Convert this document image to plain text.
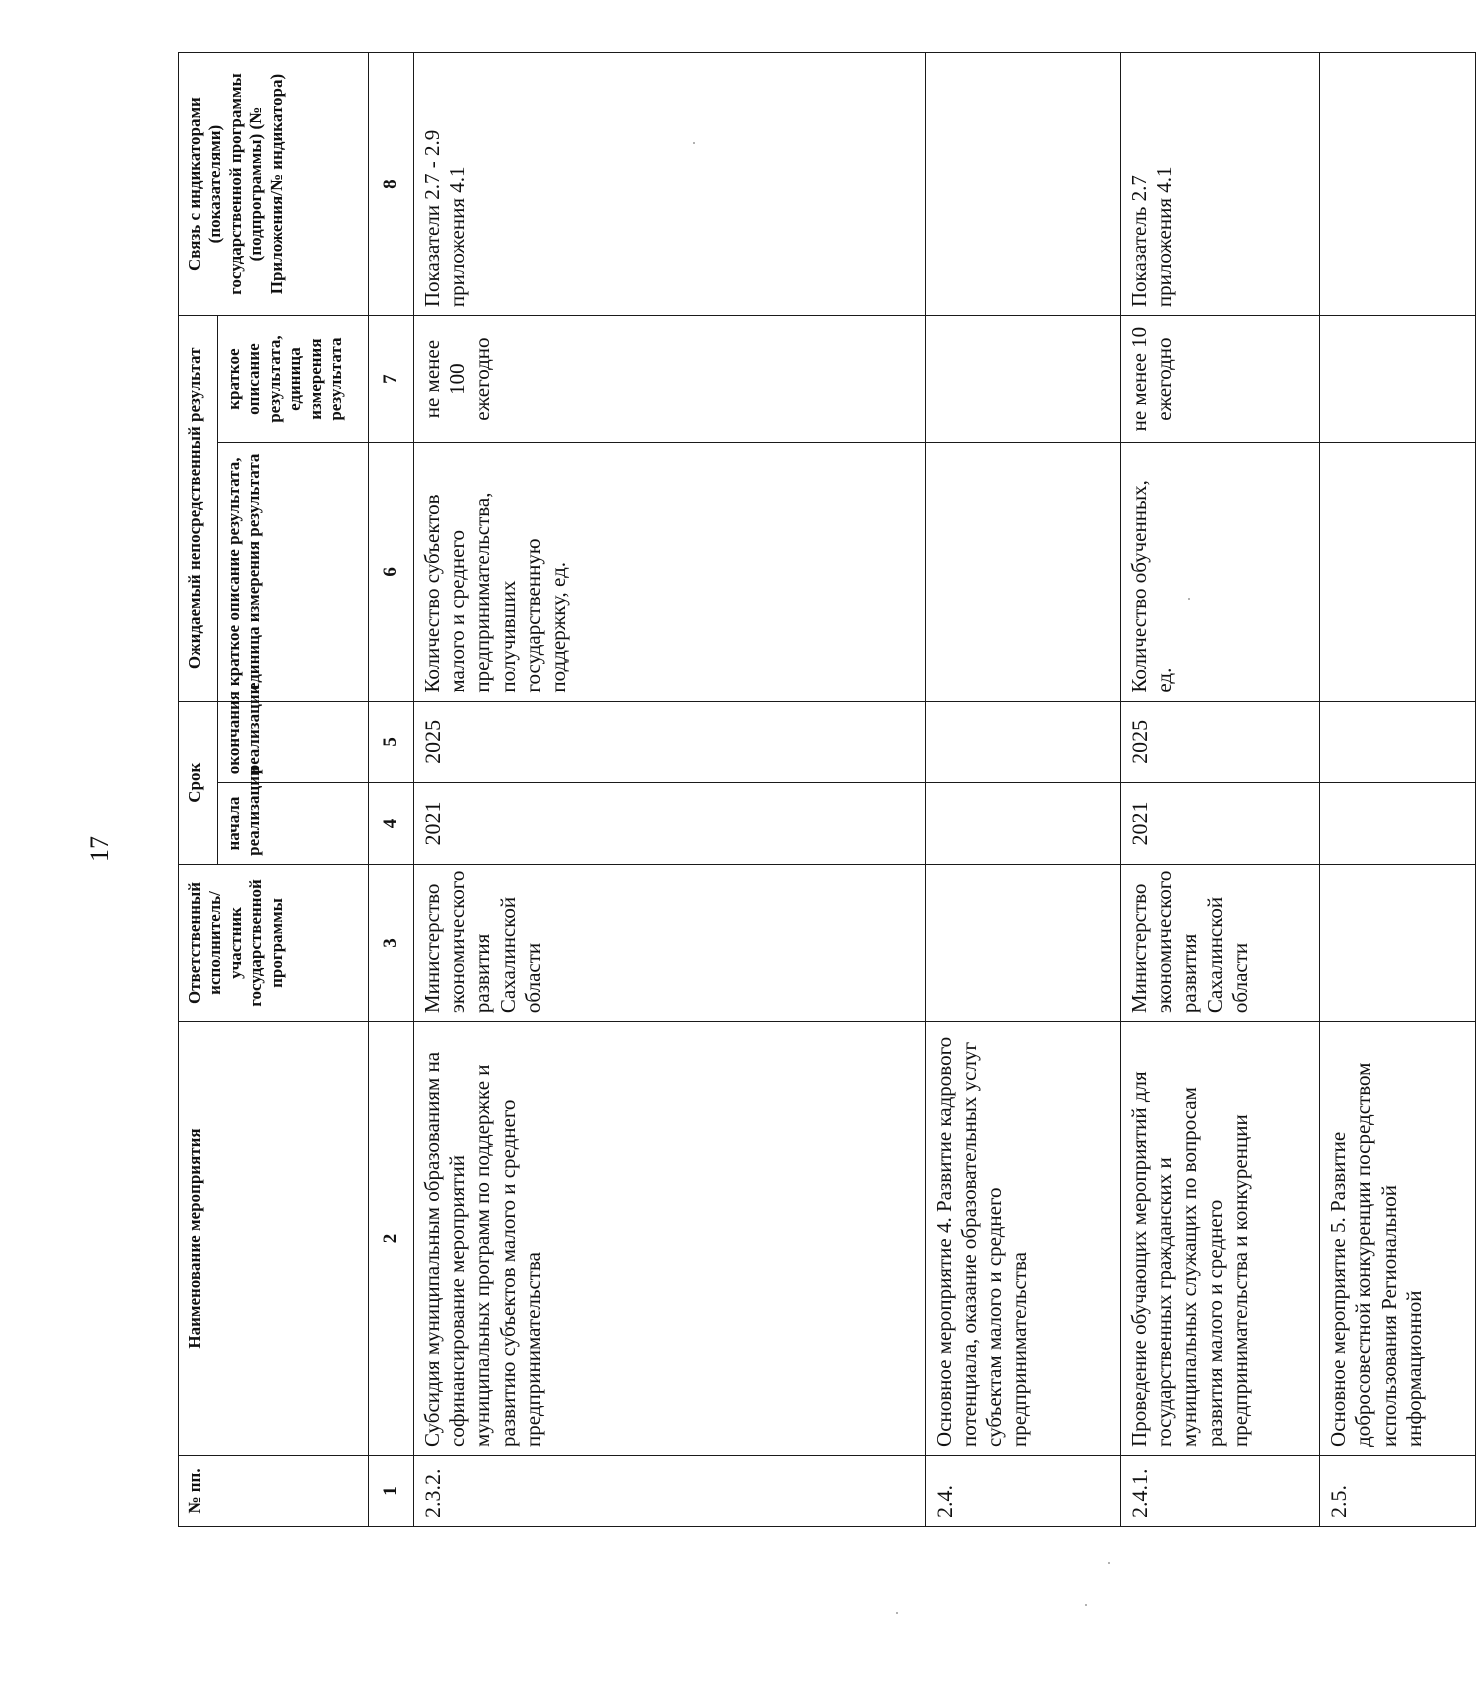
17
№ пп.	Наименование мероприятия	Ответственный исполнитель/участник государственной программы	Срок		Ожидаемый непосредственный результат		Связь с индикаторами (показателями) государственной программы (подпрограммы) (№ Приложения/№ индикатора)
			начала реализации	окончания реализации	краткое описание результата, единица измерения результата	краткое описание результата, единица измерения результата	
1	2	3	4	5	6	7	8
2.3.2.	Субсидия муниципальным образованиям на софинансирование мероприятий муниципальных программ по поддержке и развитию субъектов малого и среднего предпринимательства	Министерство экономического развития Сахалинской области	2021	2025	Количество субъектов малого и среднего предпринимательства, получивших государственную поддержку, ед.	не менее 100 ежегодно	Показатели 2.7 - 2.9 приложения 4.1
2.4.	Основное мероприятие 4. Развитие кадрового потенциала, оказание образовательных услуг субъектам малого и среднего предпринимательства						
2.4.1.	Проведение обучающих мероприятий для государственных гражданских и муниципальных служащих по вопросам развития малого и среднего предпринимательства и конкуренции	Министерство экономического развития Сахалинской области	2021	2025	Количество обученных, ед.	не менее 10 ежегодно	Показатель 2.7 приложения 4.1
2.5.	Основное мероприятие 5. Развитие добросовестной конкуренции посредством использования Региональной информационной						
